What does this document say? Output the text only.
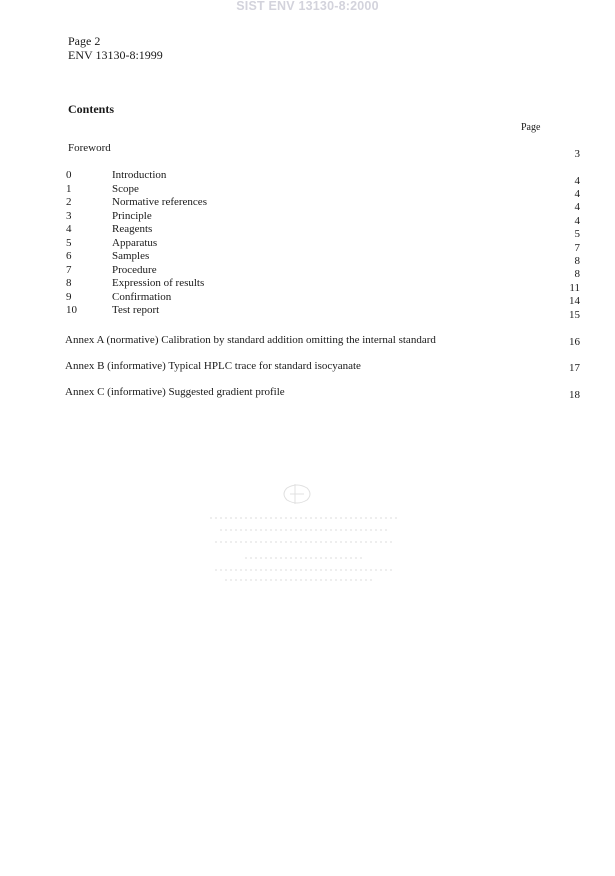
SIST ENV 13130-8:2000
Page 2
ENV 13130-8:1999
Contents
Page
Foreword	3
0	Introduction	4
1	Scope	4
2	Normative references	4
3	Principle	4
4	Reagents	5
5	Apparatus	7
6	Samples	8
7	Procedure	8
8	Expression of results	11
9	Confirmation	14
10	Test report	15
Annex A (normative) Calibration by standard addition omitting the internal standard	16
Annex B (informative) Typical HPLC trace for standard isocyanate	17
Annex C (informative) Suggested gradient profile	18
